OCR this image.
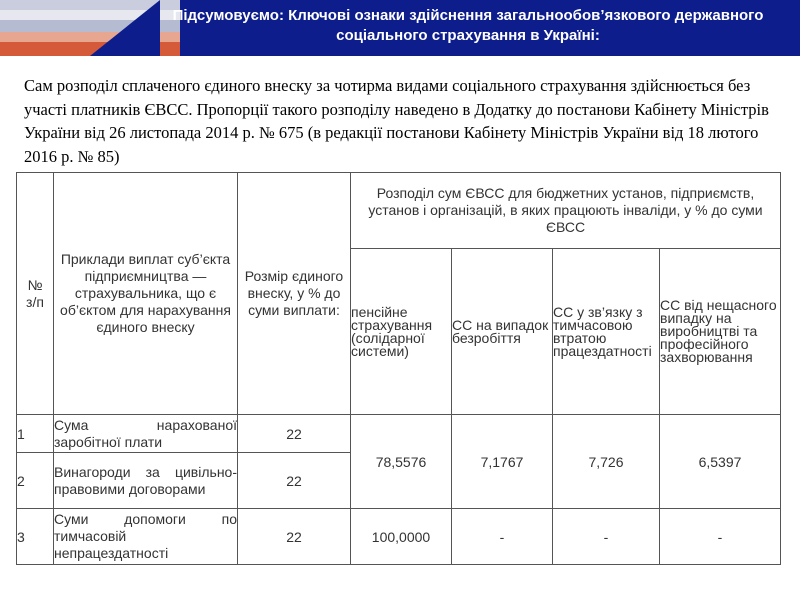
Підсумовуємо: Ключові ознаки здійснення загальнообов’язкового державного соціального страхування в Україні:
Сам розподіл сплаченого єдиного внеску за чотирма видами соціального страхування здійснюється без участі платників ЄВСС. Пропорції такого розподілу наведено в Додатку до постанови Кабінету Міністрів України від 26 листопада 2014 р. № 675 (в редакції постанови Кабінету Міністрів України від 18 лютого 2016 р. № 85)
№ з/п	Приклади виплат суб’єкта підприємництва — страхувальника, що є об’єктом для нарахування єдиного внеску	Розмір єдиного внеску, у % до суми виплати:	Розподіл сум ЄВСС для бюджетних установ, підприємств, установ і організацій, в яких працюють інваліди, у % до суми ЄВСС			
			пенсійне страхування (солідарної системи)	СС на випадок безробіття	СС у зв’язку з тимчасовою втратою працездатності	СС від нещасного випадку на виробництві та професійного захворювання
1	Сума нарахованої заробітної плати	22	78,5576	7,1767	7,726	6,5397
2	Винагороди за цивільно-правовими договорами	22				
3	Суми допомоги по тимчасовій непрацездатності	22	100,0000	-	-	-
